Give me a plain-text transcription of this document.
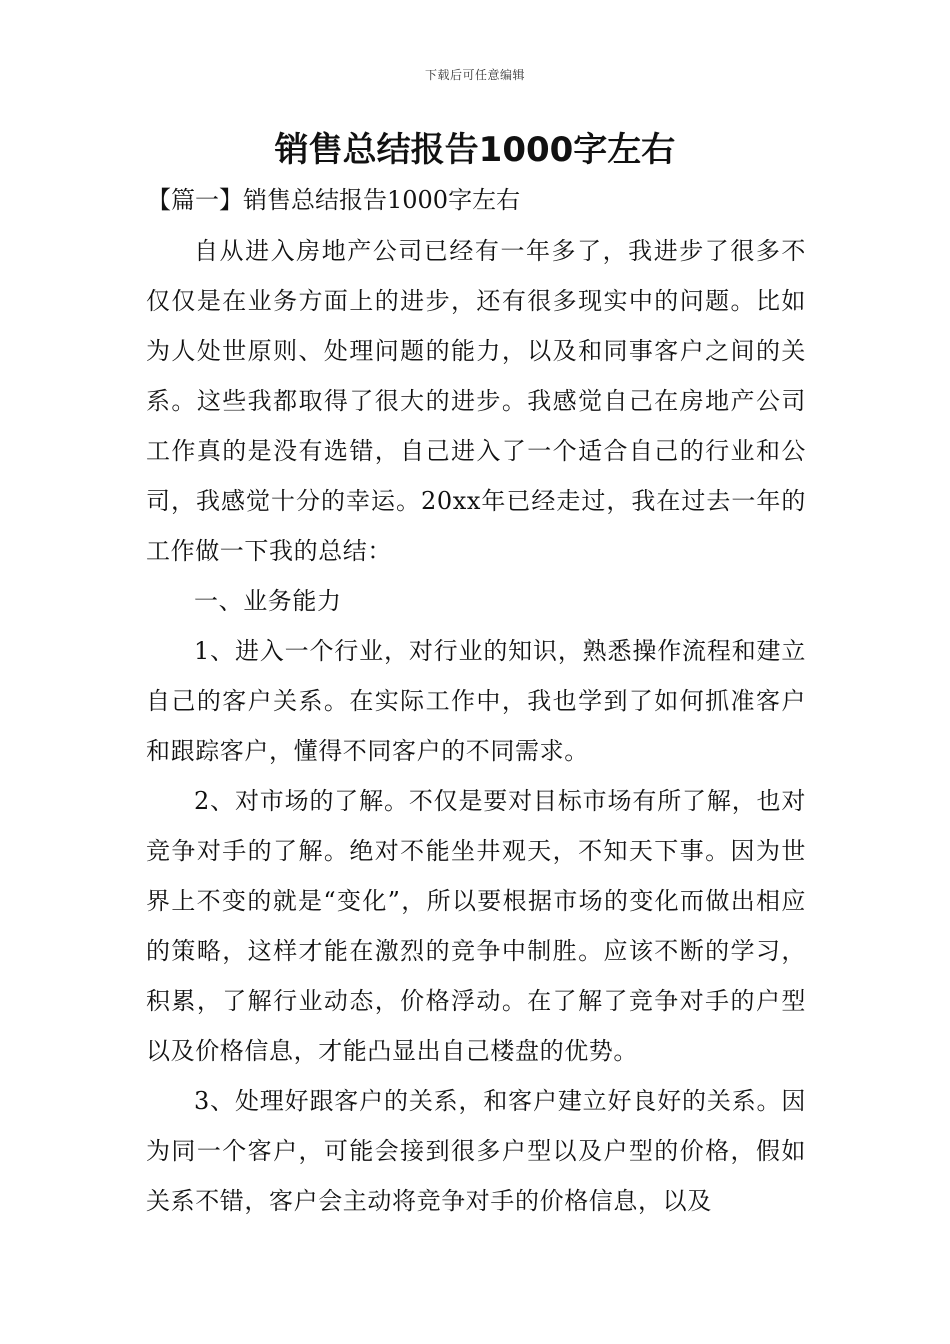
下载后可任意编辑
销售总结报告1000字左右
【篇一】销售总结报告1000字左右

自从进入房地产公司已经有一年多了，我进步了很多不仅仅是在业务方面上的进步，还有很多现实中的问题。比如为人处世原则、处理问题的能力，以及和同事客户之间的关系。这些我都取得了很大的进步。我感觉自己在房地产公司工作真的是没有选错，自己进入了一个适合自己的行业和公司，我感觉十分的幸运。20xx年已经走过，我在过去一年的工作做一下我的总结：

一、业务能力

1、进入一个行业，对行业的知识，熟悉操作流程和建立自己的客户关系。在实际工作中，我也学到了如何抓准客户和跟踪客户，懂得不同客户的不同需求。

2、对市场的了解。不仅是要对目标市场有所了解，也对竞争对手的了解。绝对不能坐井观天，不知天下事。因为世界上不变的就是“变化”，所以要根据市场的变化而做出相应的策略，这样才能在激烈的竞争中制胜。应该不断的学习，积累，了解行业动态，价格浮动。在了解了竞争对手的户型以及价格信息，才能凸显出自己楼盘的优势。

3、处理好跟客户的关系，和客户建立好良好的关系。因为同一个客户，可能会接到很多户型以及户型的价格，假如关系不错，客户会主动将竞争对手的价格信息，以及
